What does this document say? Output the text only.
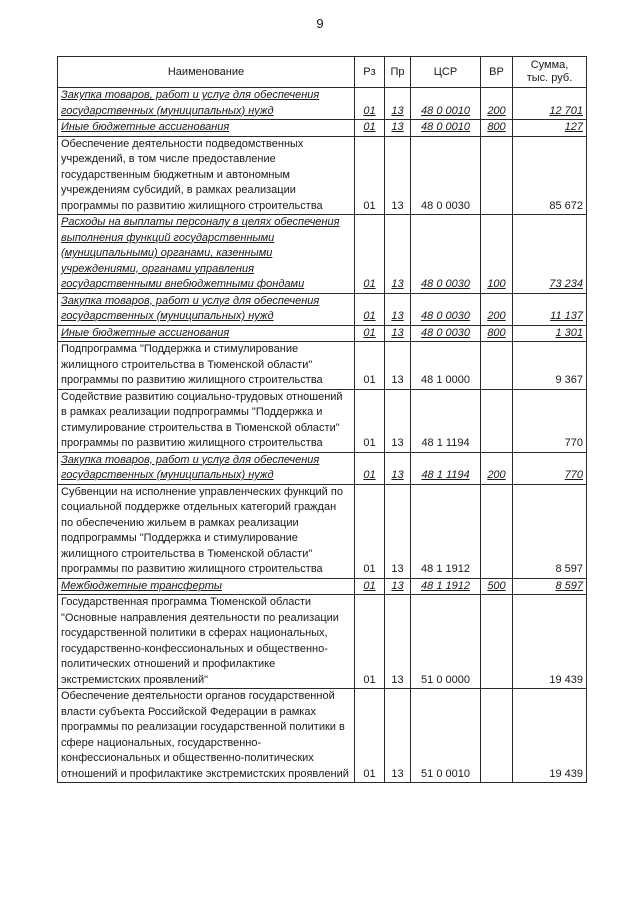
9
Наименование	Рз	Пр	ЦСР	ВР	Сумма,
тыс. руб.
Закупка товаров, работ и услуг для обеспечения государственных (муниципальных) нужд	01	13	48 0 0010	200	12 701
Иные бюджетные ассигнования	01	13	48 0 0010	800	127
Обеспечение деятельности подведомственных учреждений, в том числе предоставление государственным бюджетным и автономным учреждениям субсидий, в рамках реализации программы по развитию жилищного строительства	01	13	48 0 0030		85 672
Расходы на выплаты персоналу в целях обеспечения выполнения функций государственными (муниципальными) органами, казенными учреждениями, органами управления государственными внебюджетными фондами	01	13	48 0 0030	100	73 234
Закупка товаров, работ и услуг для обеспечения государственных (муниципальных) нужд	01	13	48 0 0030	200	11 137
Иные бюджетные ассигнования	01	13	48 0 0030	800	1 301
Подпрограмма "Поддержка и стимулирование жилищного строительства в Тюменской области" программы по развитию жилищного строительства	01	13	48 1 0000		9 367
Содействие развитию социально-трудовых отношений в рамках реализации подпрограммы "Поддержка и стимулирование строительства в Тюменской области" программы по развитию жилищного строительства	01	13	48 1 1194		770
Закупка товаров, работ и услуг для обеспечения государственных (муниципальных) нужд	01	13	48 1 1194	200	770
Субвенции на исполнение управленческих функций по социальной поддержке отдельных категорий граждан по обеспечению жильем в рамках реализации подпрограммы "Поддержка и стимулирование жилищного строительства в Тюменской области" программы по развитию жилищного строительства	01	13	48 1 1912		8 597
Межбюджетные трансферты	01	13	48 1 1912	500	8 597
Государственная программа Тюменской области "Основные направления деятельности по реализации государственной политики в сферах национальных, государственно-конфессиональных и общественно-политических отношений и профилактике экстремистских проявлений"	01	13	51 0 0000		19 439
Обеспечение деятельности органов государственной власти субъекта Российской Федерации в рамках программы по реализации государственной политики в сфере национальных, государственно-конфессиональных и общественно-политических отношений и профилактике экстремистских проявлений	01	13	51 0 0010		19 439
